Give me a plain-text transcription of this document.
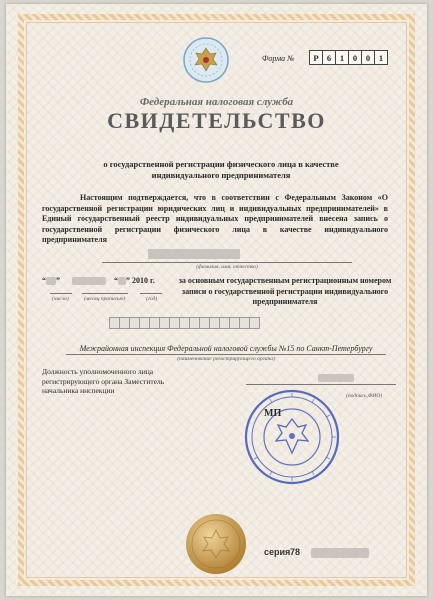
Форма №	Р 6	1	0	0	1
Федеральная налоговая служба
СВИДЕТЕЛЬСТВО
о государственной регистрации физического лица в качестве индивидуального предпринимателя

Настоящим подтверждается, что в соответствии с Федеральным Законом «О государственной регистрации юридических лиц и индивидуальных предпринимателей» в Единый государственный реестр индивидуальных предпринимателей внесена запись о государственной регистрации физического лица в качестве индивидуального предпринимателя

(фамилия, имя, отчество)
“ ”	“ ” 2010 г.
(число)	(месяц прописью)	(год)
за основным государственным регистрационным номером записи о государственной регистрации индивидуального предпринимателя
Межрайонная инспекция Федеральной налоговой службы №15 по Санкт-Петербургу
(наименование регистрирующего органа)
Должность уполномоченного лица регистрирующего органа Заместитель начальника инспекции
(подпись,ФИО)
МП
серия 78
